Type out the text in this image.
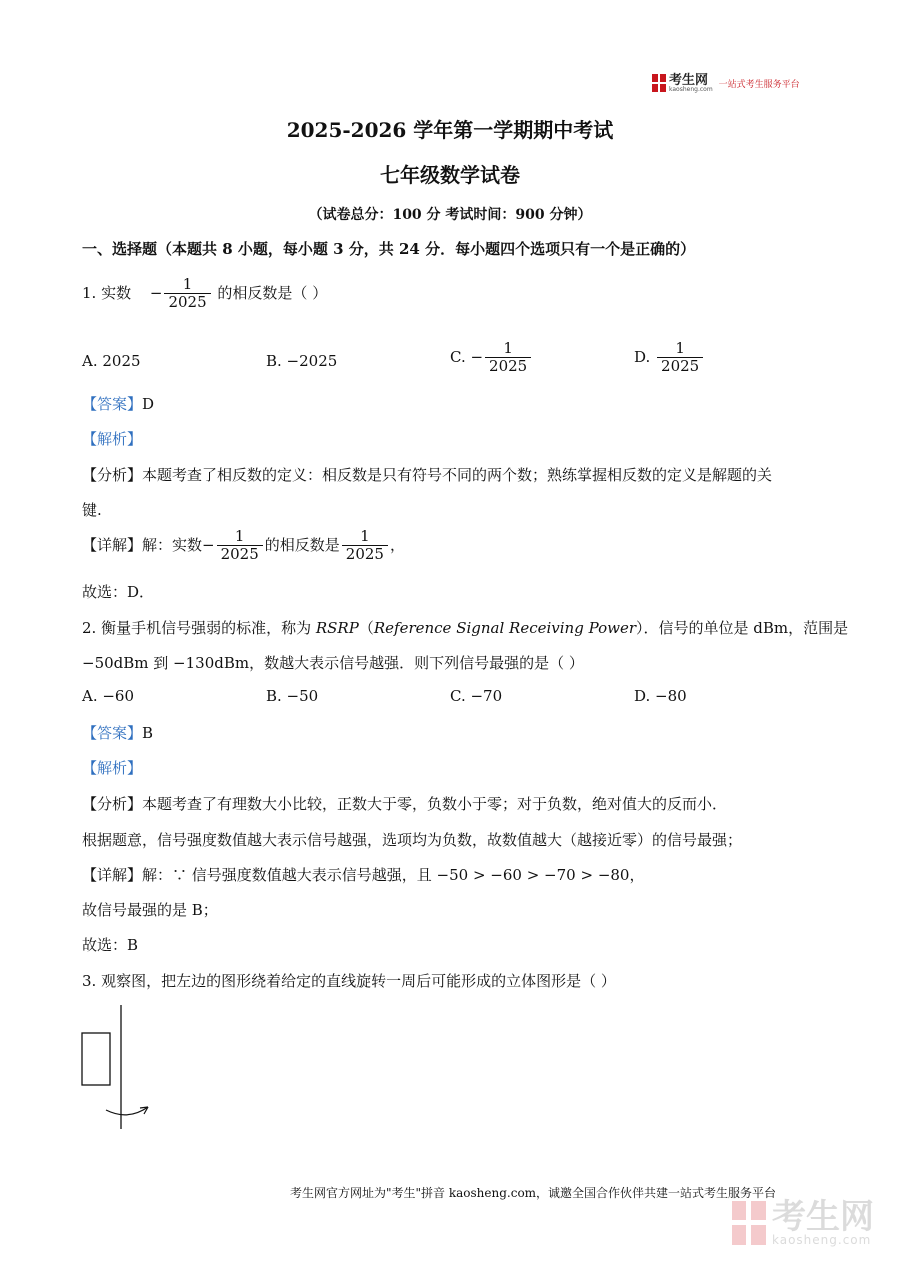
考生网
kaosheng.com 一站式考生服务平台
2025-2026 学年第一学期期中考试
七年级数学试卷
（试卷总分：100 分 考试时间：900 分钟）
一、选择题（本题共 8 小题，每小题 3 分，共 24 分．每小题四个选项只有一个是正确的）
1. 实数 − $\frac{1}{2025}$ 的相反数是（ ）
A. 2025	B. −2025	C. − $\frac{1}{2025}$	D. $\frac{1}{2025}$
【答案】D
【解析】
【分析】本题考查了相反数的定义：相反数是只有符号不同的两个数；熟练掌握相反数的定义是解题的关
键.
【详解】解：实数− $\frac{1}{2025}$ 的相反数是 $\frac{1}{2025}$ ，
故选：D．
2. 衡量手机信号强弱的标准，称为 RSRP（Reference Signal Receiving Power）．信号的单位是 dBm，范围是
−50dBm 到 −130dBm，数越大表示信号越强．则下列信号最强的是（ ）
A. −60	B. −50	C. −70	D. −80
【答案】B
【解析】
【分析】本题考查了有理数大小比较，正数大于零，负数小于零；对于负数，绝对值大的反而小．
根据题意，信号强度数值越大表示信号越强，选项均为负数，故数值越大（越接近零）的信号最强；
【详解】解：∵ 信号强度数值越大表示信号越强，且 −50 > −60 > −70 > −80，
故信号最强的是 B；
故选：B
3. 观察图，把左边的图形绕着给定的直线旋转一周后可能形成的立体图形是（ ）
考生网官方网址为"考生"拼音 kaosheng.com，诚邀全国合作伙伴共建一站式考生服务平台
考生网
kaosheng.com
